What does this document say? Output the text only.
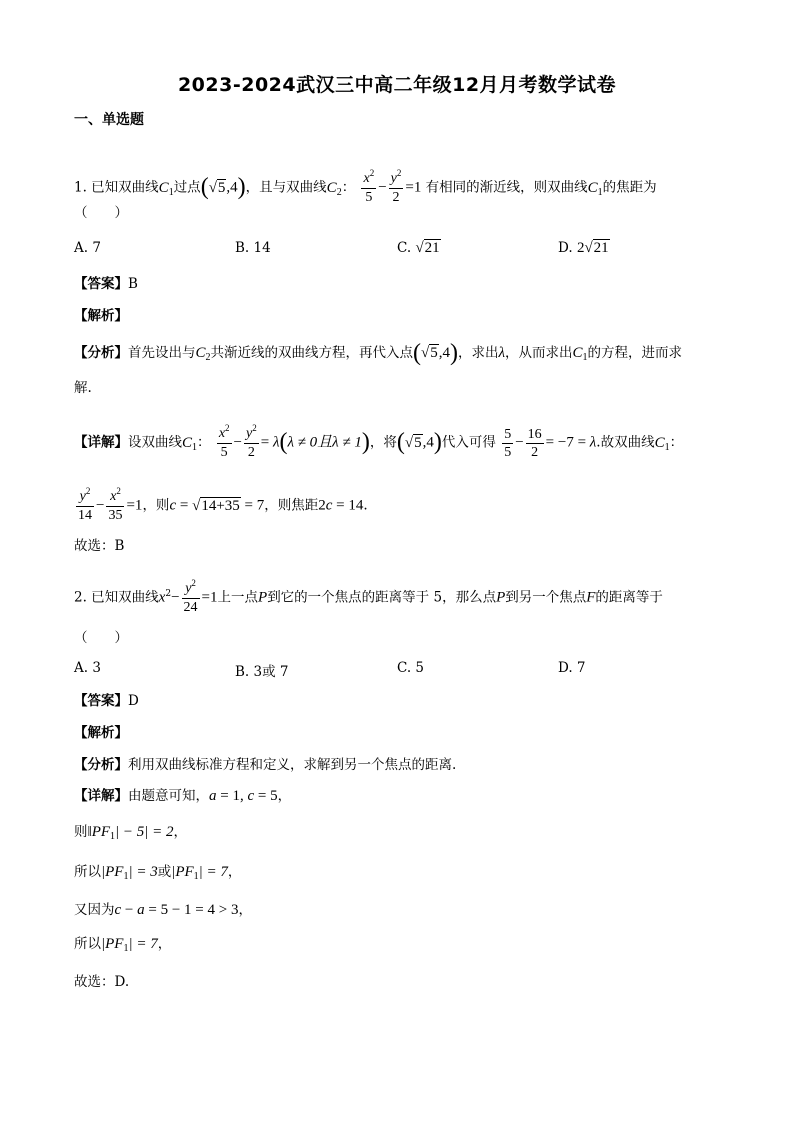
2023-2024武汉三中高二年级12月月考数学试卷
一、单选题
1. 已知双曲线$C_1$过点(√5,4)，且与双曲线$C_2$： $\frac{x^2}{5} - \frac{y^2}{2} =1$ 有相同的渐近线，则双曲线$C_1$的焦距为
（　　）
A. 7	B. 14	C. √21	D. 2√21
【答案】B
【解析】
【分析】首先设出与$C_2$共渐近线的双曲线方程，再代入点(√5,4)，求出λ，从而求出$C_1$的方程，进而求
解.
【详解】设双曲线$C_1$： $\frac{x^2}{5} - \frac{y^2}{2} = \lambda(\lambda \ne 0$且λ ≠ 1)，将(√5,4)代入可得 $\frac{5}{5} - \frac{16}{2} = -7 = \lambda$.故双曲线$C_1$：
$\frac{y^2}{14} - \frac{x^2}{35} =1$，则c = √14+35 = 7，则焦距2c = 14.
故选：B
2. 已知双曲线$x^2- \frac{y^2}{24} =1$上一点P到它的一个焦点的距离等于 5，那么点P到另一个焦点F的距离等于
（　　）
A. 3	B. 3或 7	C. 5	D. 7
【答案】D
【解析】
【分析】利用双曲线标准方程和定义，求解到另一个焦点的距离.
【详解】由题意可知，a = 1, c = 5，
则$‖PF_1| - 5| = 2$，
所以$|PF_1| = 3$或$|PF_1| = 7$，
又因为c − a = 5 − 1 = 4 > 3，
所以$|PF_1| = 7$，
故选：D.
